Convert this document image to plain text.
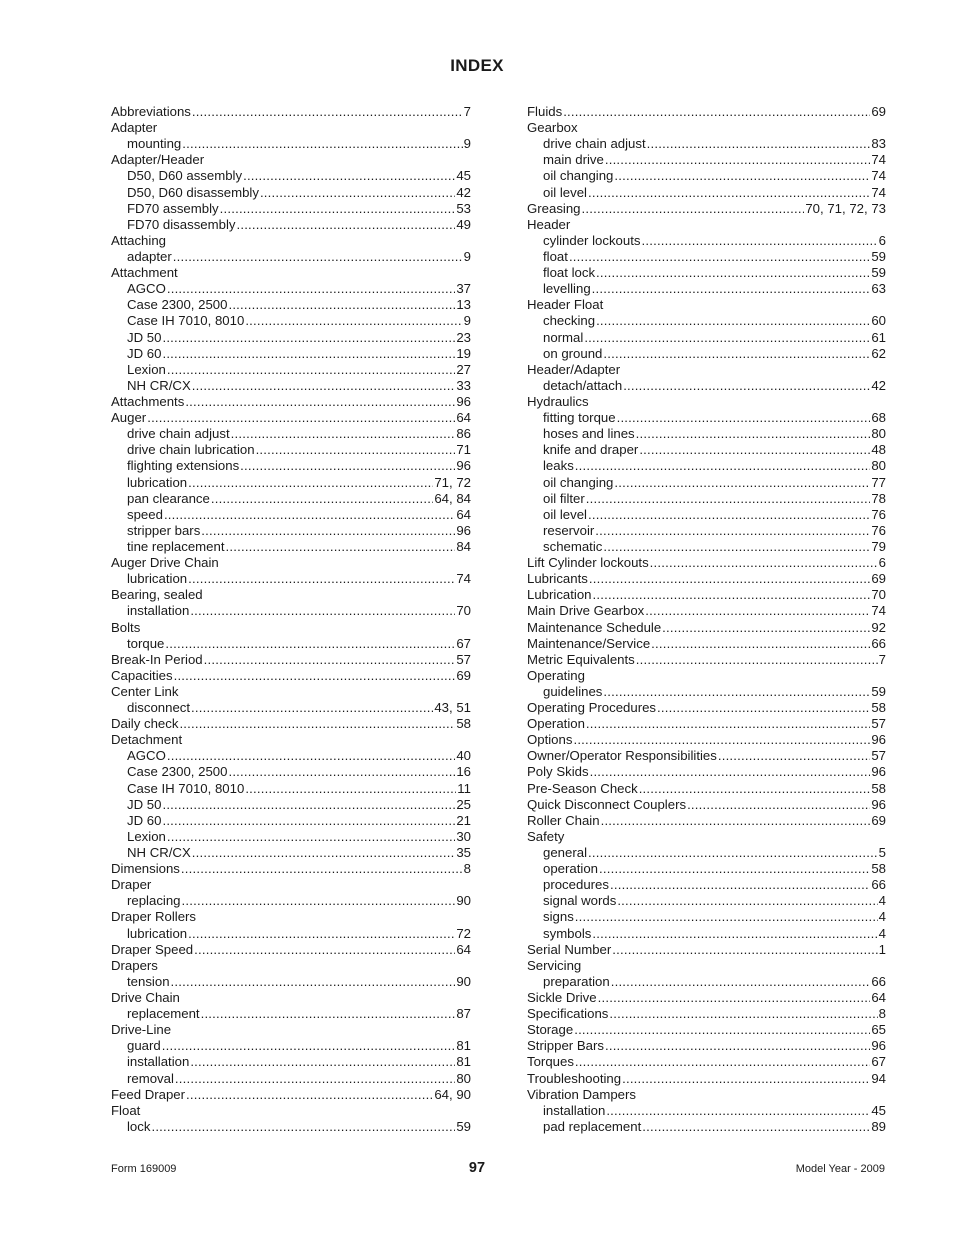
INDEX
Abbreviations .....	7
Adapter
mounting .....	9
Adapter/Header
D50, D60 assembly .....	45
D50, D60 disassembly .....	42
FD70 assembly .....	53
FD70 disassembly .....	49
Attaching
adapter .....	9
Attachment
AGCO .....	37
Case 2300, 2500 .....	13
Case IH 7010, 8010 .....	9
JD 50 .....	23
JD 60 .....	19
Lexion .....	27
NH CR/CX .....	33
Attachments .....	96
Auger .....	64
drive chain adjust .....	86
drive chain lubrication .....	71
flighting extensions .....	96
lubrication .....	71, 72
pan clearance .....	64, 84
speed .....	64
stripper bars .....	96
tine replacement .....	84
Auger Drive Chain
lubrication .....	74
Bearing, sealed
installation .....	70
Bolts
torque .....	67
Break-In Period .....	57
Capacities .....	69
Center Link
disconnect .....	43, 51
Daily check .....	58
Detachment
AGCO .....	40
Case 2300, 2500 .....	16
Case IH 7010, 8010 .....	11
JD 50 .....	25
JD 60 .....	21
Lexion .....	30
NH CR/CX .....	35
Dimensions .....	8
Draper
replacing .....	90
Draper Rollers
lubrication .....	72
Draper Speed .....	64
Drapers
tension .....	90
Drive Chain
replacement .....	87
Drive-Line
guard .....	81
installation .....	81
removal .....	80
Feed Draper .....	64, 90
Float
lock .....	59
Fluids .....	69
Gearbox
drive chain adjust .....	83
main drive .....	74
oil changing .....	74
oil level .....	74
Greasing .....	70, 71, 72, 73
Header
cylinder lockouts .....	6
float .....	59
float lock .....	59
levelling .....	63
Header Float
checking .....	60
normal .....	61
on ground .....	62
Header/Adapter
detach/attach .....	42
Hydraulics
fitting torque .....	68
hoses and lines .....	80
knife and draper .....	48
leaks .....	80
oil changing .....	77
oil filter .....	78
oil level .....	76
reservoir .....	76
schematic .....	79
Lift Cylinder lockouts .....	6
Lubricants .....	69
Lubrication .....	70
Main Drive Gearbox .....	74
Maintenance Schedule .....	92
Maintenance/Service .....	66
Metric Equivalents .....	7
Operating
guidelines .....	59
Operating Procedures .....	58
Operation .....	57
Options .....	96
Owner/Operator Responsibilities .....	57
Poly Skids .....	96
Pre-Season Check .....	58
Quick Disconnect Couplers .....	96
Roller Chain .....	69
Safety
general .....	5
operation .....	58
procedures .....	66
signal words .....	4
signs .....	4
symbols .....	4
Serial Number .....	1
Servicing
preparation .....	66
Sickle Drive .....	64
Specifications .....	8
Storage .....	65
Stripper Bars .....	96
Torques .....	67
Troubleshooting .....	94
Vibration Dampers
installation .....	45
pad replacement .....	89
Form 169009	97	Model Year - 2009
